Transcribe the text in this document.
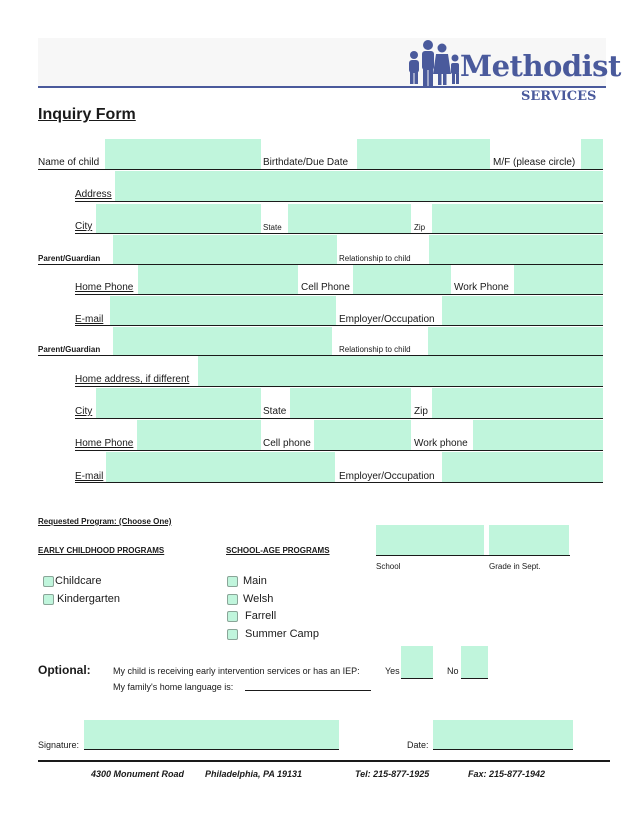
Methodist
SERVICES
Inquiry Form
Name of child	Birthdate/Due Date	M/F (please circle)
Address
City	State	Zip
Parent/Guardian	Relationship to child
Home Phone	Cell Phone	Work Phone
E-mail	Employer/Occupation
Parent/Guardian	Relationship to child
Home address, if different
City	State	Zip
Home Phone	Cell phone	Work phone
E-mail	Employer/Occupation
Requested Program: (Choose One)
EARLY CHILDHOOD PROGRAMS	SCHOOL-AGE PROGRAMS
School	Grade in Sept.
Childcare
Kindergarten
Main
Welsh
Farrell
Summer Camp
Optional: My child is receiving early intervention services or has an IEP:	Yes	No
My family's home language is:
Signature:	Date:
4300 Monument Road Philadelphia, PA 19131	Tel: 215-877-1925	Fax: 215-877-1942
